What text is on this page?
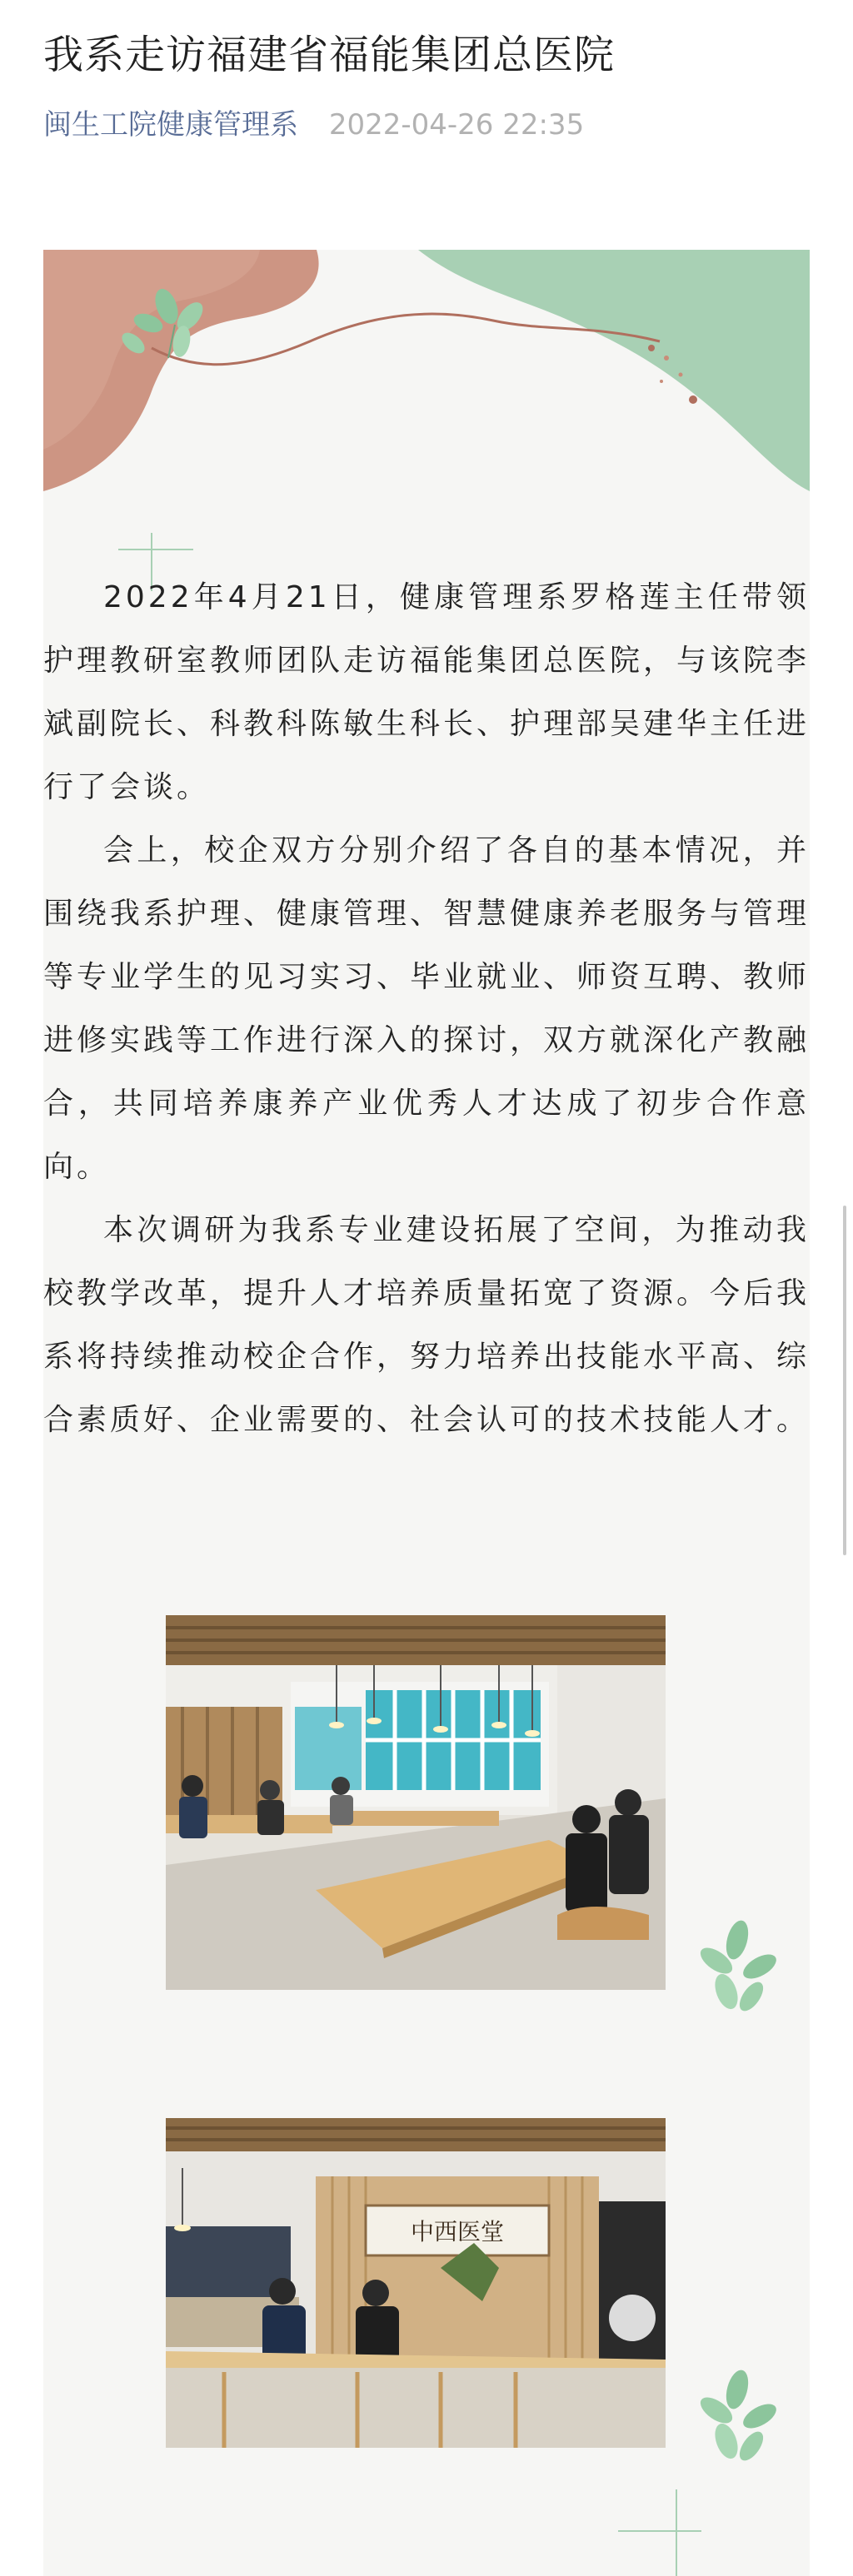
我系走访福建省福能集团总医院
闽生工院健康管理系 2022-04-26 22:35

2022年4月21日，健康管理系罗格莲主任带领护理教研室教师团队走访福能集团总医院，与该院李斌副院长、科教科陈敏生科长、护理部吴建华主任进行了会谈。

会上，校企双方分别介绍了各自的基本情况，并围绕我系护理、健康管理、智慧健康养老服务与管理等专业学生的见习实习、毕业就业、师资互聘、教师进修实践等工作进行深入的探讨，双方就深化产教融合，共同培养康养产业优秀人才达成了初步合作意向。

本次调研为我系专业建设拓展了空间，为推动我校教学改革，提升人才培养质量拓宽了资源。今后我系将持续推动校企合作，努力培养出技能水平高、综合素质好、企业需要的、社会认可的技术技能人才。

中西医堂
